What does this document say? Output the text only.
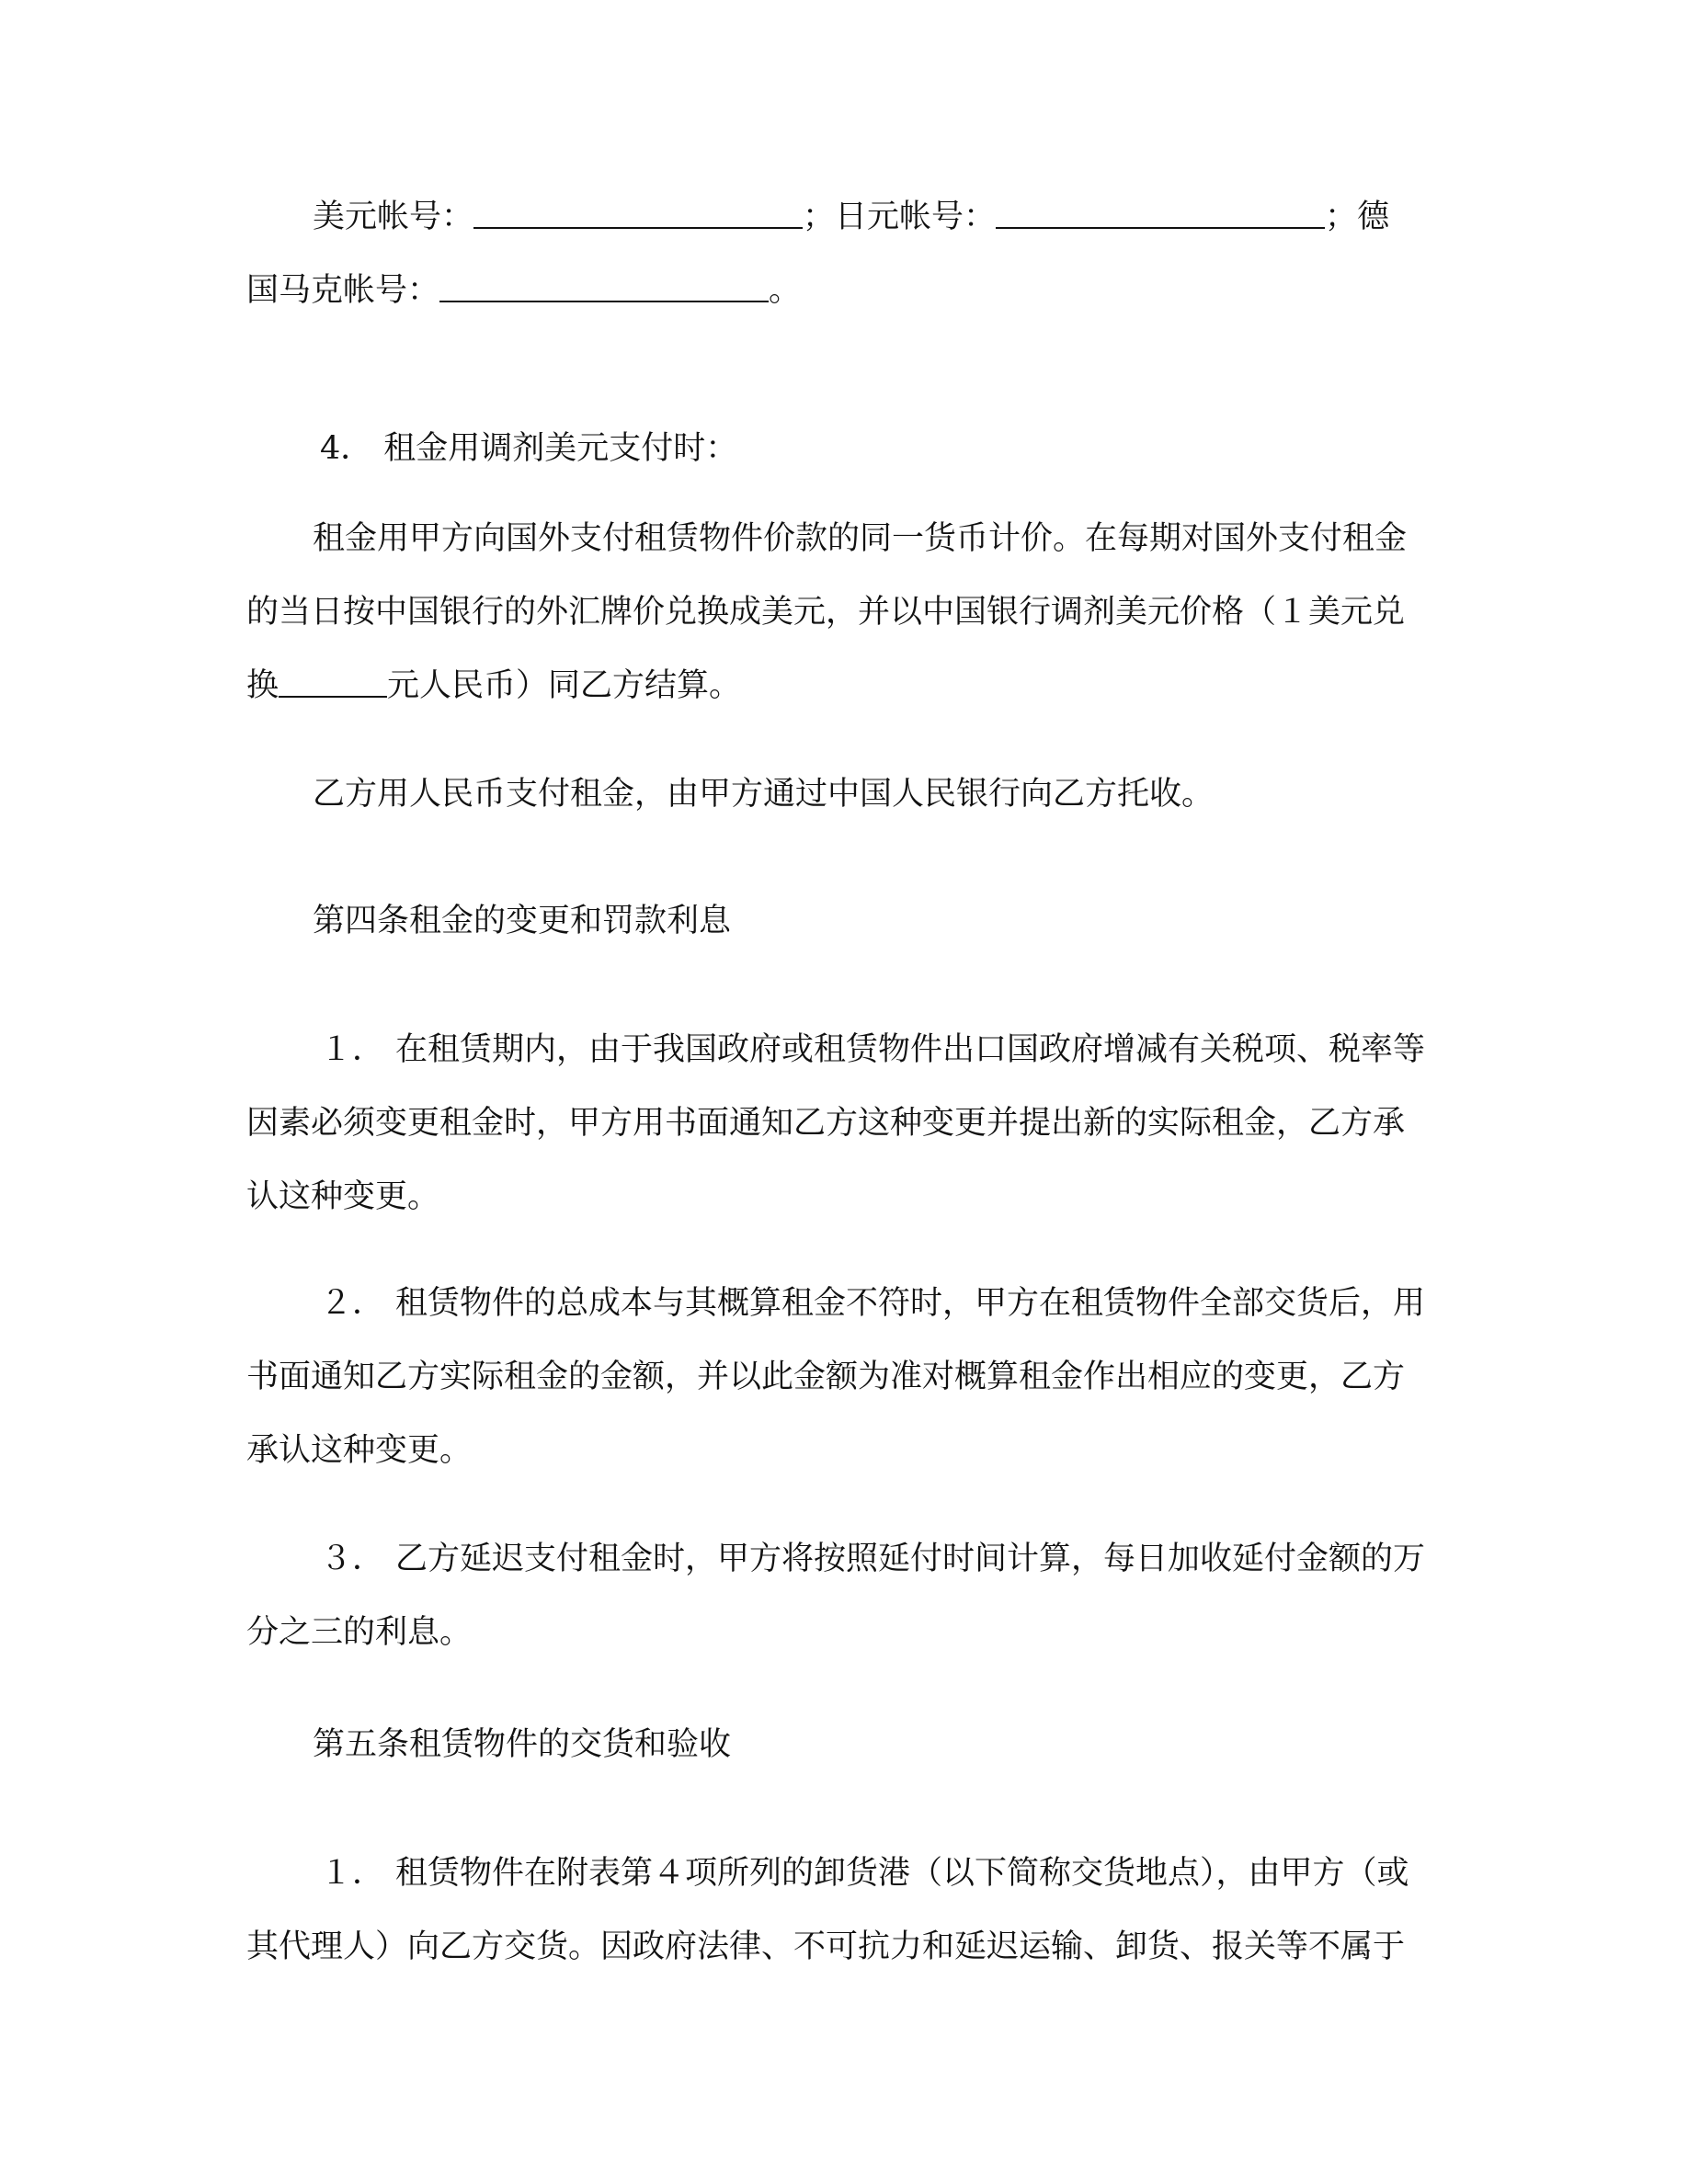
美元帐号：	；日元帐号：	；德
国马克帐号：	。
4． 租金用调剂美元支付时：
租金用甲方向国外支付租赁物件价款的同一货币计价。在每期对国外支付租金
的当日按中国银行的外汇牌价兑换成美元，并以中国银行调剂美元价格（１美元兑
换	元人民币）同乙方结算。
乙方用人民币支付租金，由甲方通过中国人民银行向乙方托收。
第四条租金的变更和罚款利息
１． 在租赁期内，由于我国政府或租赁物件出口国政府增减有关税项、税率等
因素必须变更租金时，甲方用书面通知乙方这种变更并提出新的实际租金，乙方承
认这种变更。
２． 租赁物件的总成本与其概算租金不符时，甲方在租赁物件全部交货后，用
书面通知乙方实际租金的金额，并以此金额为准对概算租金作出相应的变更，乙方
承认这种变更。
３． 乙方延迟支付租金时，甲方将按照延付时间计算，每日加收延付金额的万
分之三的利息。
第五条租赁物件的交货和验收
１． 租赁物件在附表第４项所列的卸货港（以下简称交货地点），由甲方（或
其代理人）向乙方交货。因政府法律、不可抗力和延迟运输、卸货、报关等不属于
